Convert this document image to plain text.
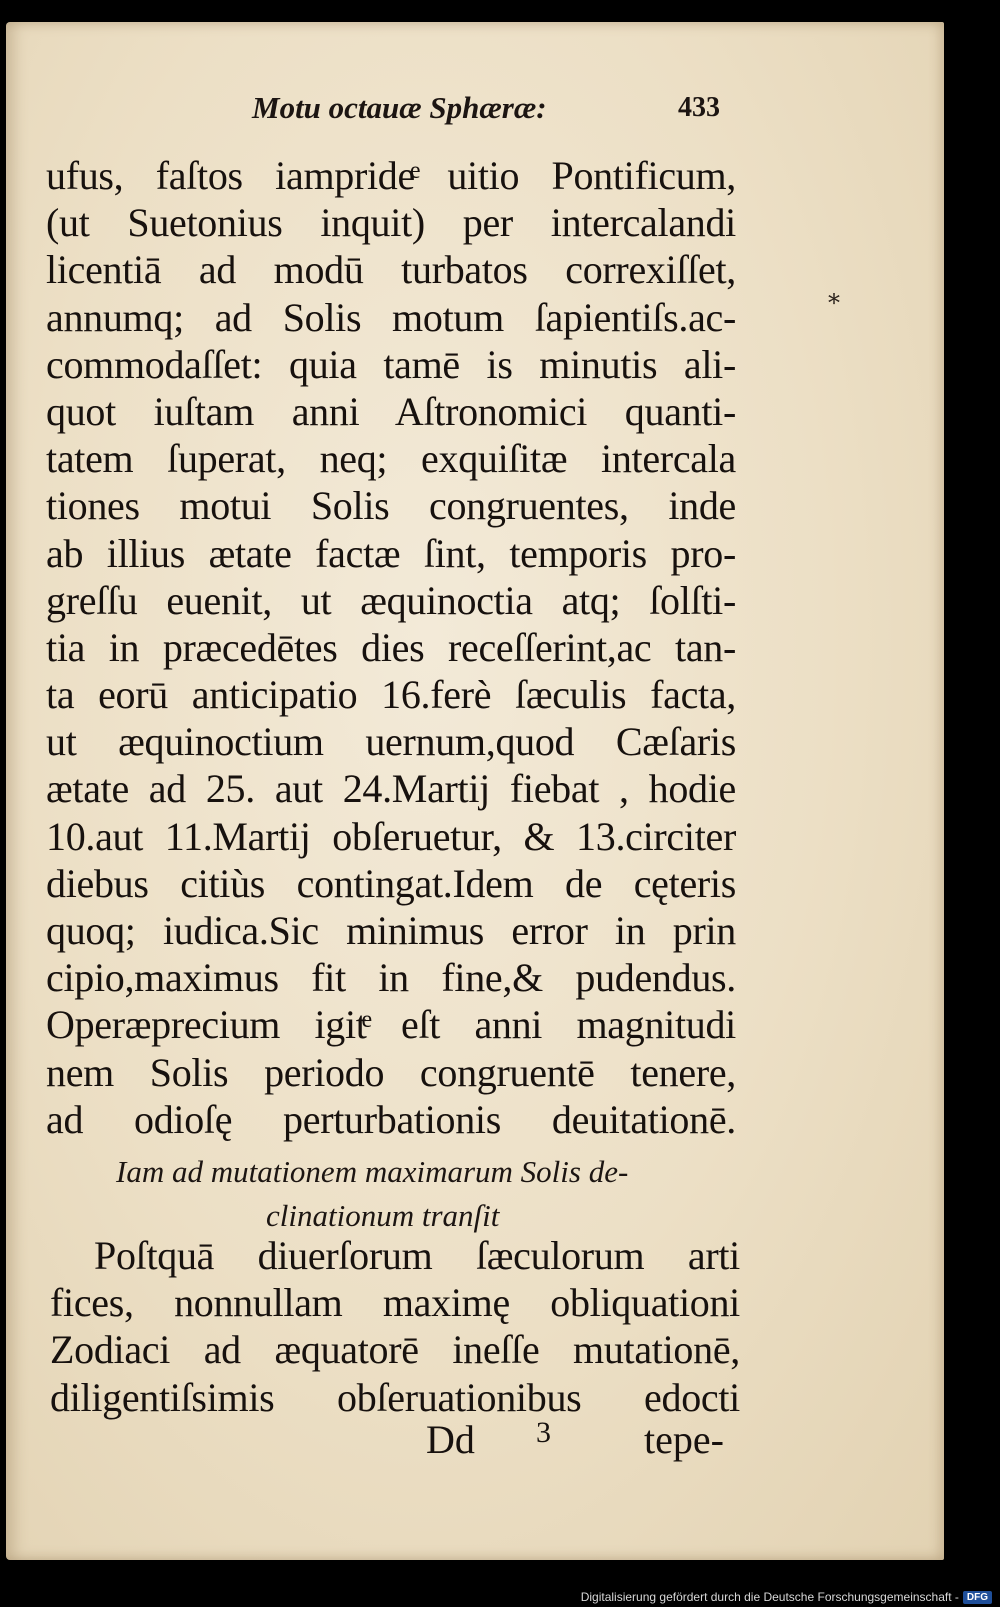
Motu octauæ Sphæræ:	433
*
ufus, faſtos iamprideͤ uitio Pontificum,
(ut Suetonius inquit) per intercalandi
licentiā ad modū turbatos correxiſſet,
annumq; ad Solis motum ſapientiſs.ac-
commodaſſet: quia tamē is minutis ali-
quot iuſtam anni Aſtronomici quanti-
tatem ſuperat, neq; exquiſitæ intercala
tiones motui Solis congruentes, inde
ab illius ætate factæ ſint, temporis pro-
greſſu euenit, ut æquinoctia atq; ſolſti-
tia in præcedētes dies receſſerint,ac tan-
ta eorū anticipatio 16.ferè ſæculis facta,
ut æquinoctium uernum,quod Cæſaris
ætate ad 25. aut 24.Martij fiebat , hodie
10.aut 11.Martij obſeruetur, & 13.circiter
diebus citiùs contingat.Idem de cęteris
quoq; iudica.Sic minimus error in prin
cipio,maximus fit in fine,& pudendus.
Operæprecium igitͤ eſt anni magnitudi
nem Solis periodo congruentē tenere,
ad odioſę perturbationis deuitationē.
Iam ad mutationem maximarum Solis de-
clinationum tranſit
Poſtquā diuerſorum ſæculorum arti
fices, nonnullam maximę obliquationi
Zodiaci ad æquatorē ineſſe mutationē,
diligentiſsimis obſeruationibus edocti
Dd 3 tepe-
Digitalisierung gefördert durch die Deutsche Forschungsgemeinschaft - DFG
